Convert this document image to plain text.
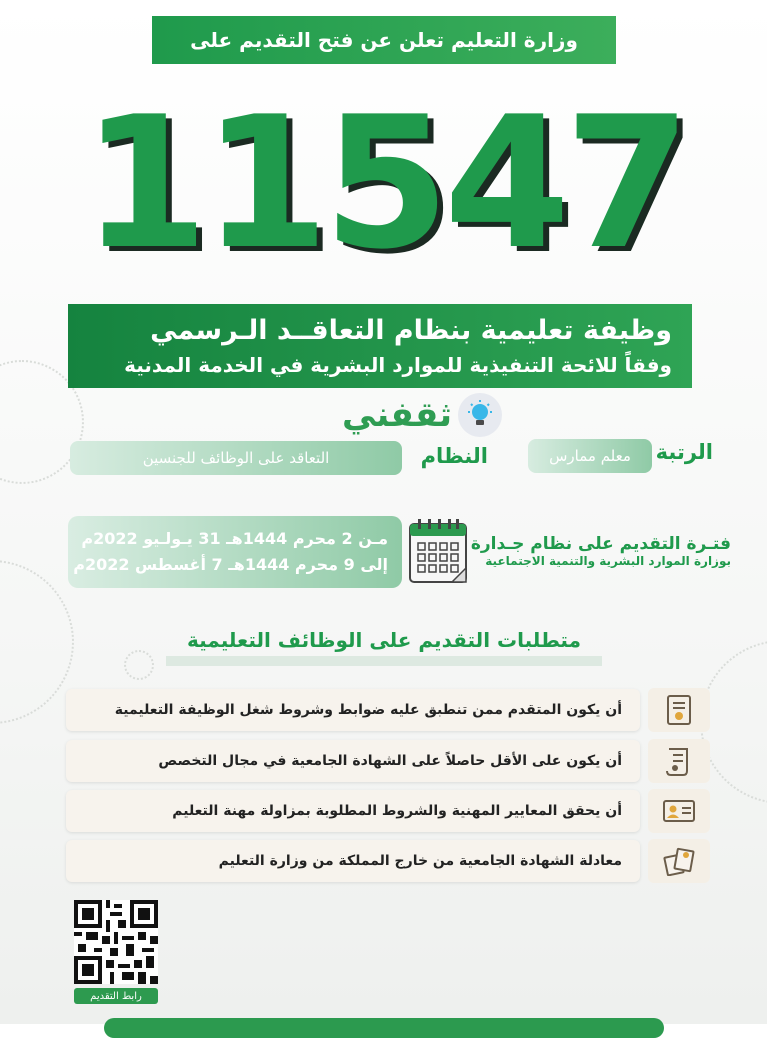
وزارة التعليم تعلن عن فتح التقديم على
11547
وظيفة تعليمية بنظام التعاقــد الـرسمي
وفقاً للائحة التنفيذية للموارد البشرية في الخدمة المدنية
ثقفني
الرتبة
معلم ممارس
النظام
التعاقد على الوظائف للجنسين
مـن 2 محرم 1444هـ 31 يـولـيو 2022م
إلى 9 محرم 1444هـ 7 أغسطس 2022م
فتـرة التقديم على نظام جـدارة
بوزارة الموارد البشرية والتنمية الاجتماعية
متطلبات التقديم على الوظائف التعليمية
أن يكون المتقدم ممن تنطبق عليه ضوابط وشروط شغل الوظيفة التعليمية
أن يكون على الأقل حاصلاً على الشهادة الجامعية في مجال التخصص
أن يحقق المعايير المهنية والشروط المطلوبة بمزاولة مهنة التعليم
معادلة الشهادة الجامعية من خارج المملكة من وزارة التعليم
رابط التقديم
